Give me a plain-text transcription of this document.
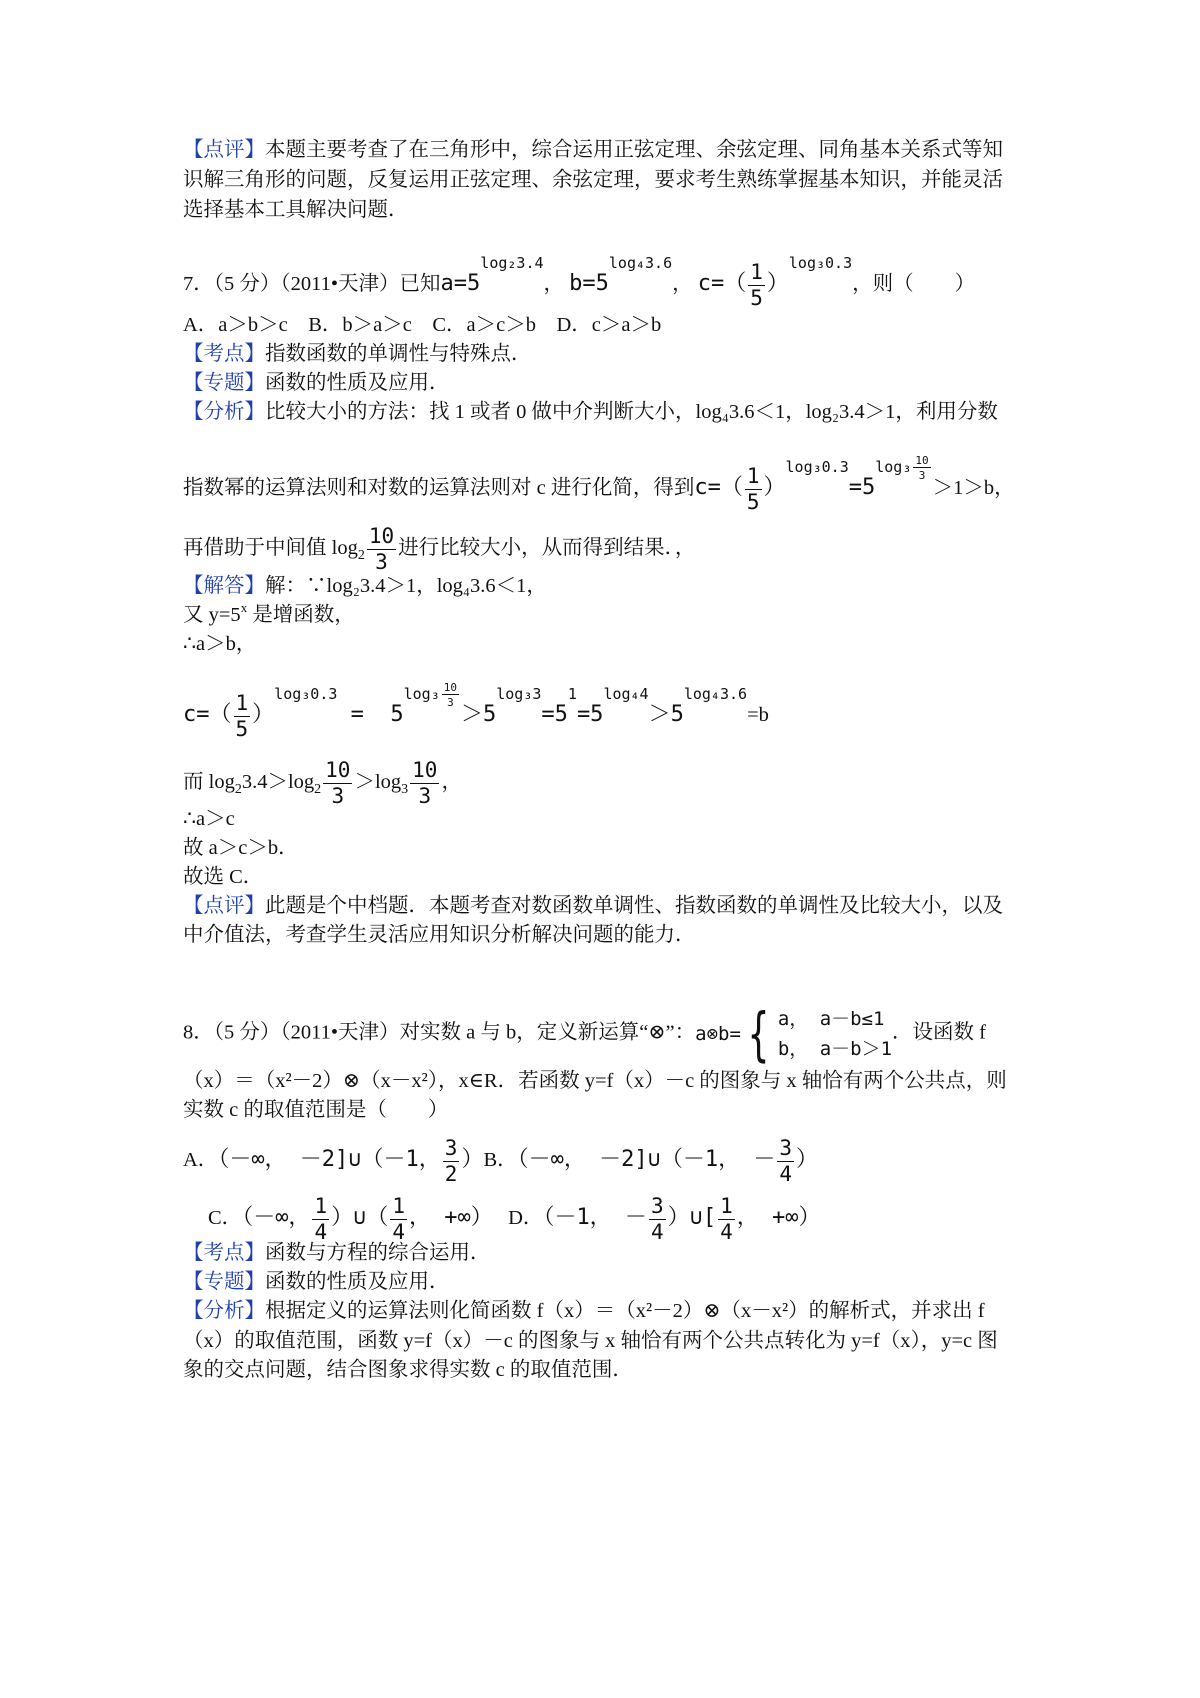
【点评】本题主要考查了在三角形中，综合运用正弦定理、余弦定理、同角基本关系式等知
识解三角形的问题，反复运用正弦定理、余弦定理，要求考生熟练掌握基本知识，并能灵活
选择基本工具解决问题．
7．（5 分）（2011•天津）已知$a=5^{log_23.4}$， $b=5^{log_43.6}$， $c=( \frac{1}{5} )^{log_30.3}$，则（　　）
A．a＞b＞c　B．b＞a＞c　C．a＞c＞b　D．c＞a＞b
【考点】指数函数的单调性与特殊点．
【专题】函数的性质及应用．
【分析】比较大小的方法：找 1 或者 0 做中介判断大小，log₄3.6＜1，log₂3.4＞1，利用分数
指数幂的运算法则和对数的运算法则对 c 进行化简，得到$c=( \frac{1}{5} )^{log_30.3}=5^{log_3 \frac{10}{3}}$
＞1＞b，
再借助于中间值 $\log_2 \frac{10}{3}$ 进行比较大小，从而得到结果．，
【解答】解：∵log₂3.4＞1，log₄3.6＜1，
又 $y=5^x$ 是增函数，
∴a＞b，
$c=( \frac{1}{5} )^{log_30.3} = 5^{log_3 \frac{10}{3}}$
$>5^{log_33}=5^1=5^{log_44}>5^{log_43.6}=b$
而 $\log_23.4>\log_2 \frac{10}{3} >\log_3 \frac{10}{3}$ ，
∴a＞c
故 a＞c＞b．
故选 C．
【点评】此题是个中档题．本题考查对数函数单调性、指数函数的单调性及比较大小，以及
中介值法，考查学生灵活应用知识分析解决问题的能力．
8．（5 分）（2011•天津）对实数 a 与 b，定义新运算“⊗”： a⊗b= { a， a－b≤1
b， a－b＞1
．设函数 f
（x）＝（x²－2）⊗（x－x²），x∈R．若函数 y=f（x）－c 的图象与 x 轴恰有两个公共点，则
实数 c 的取值范围是（　　）
A．（－∞， －2]∪（－1， $\frac{3}{2} )B$．（－∞， －2]∪（－1， － $\frac{3}{4}$ ）
C．（－∞， $\frac{1}{4}$ ）∪（ $\frac{1}{4}$ ， +∞） D．（－1， － $\frac{3}{4}$ ）∪[ $\frac{1}{4}$ ， +∞）
【考点】函数与方程的综合运用．
【专题】函数的性质及应用．
【分析】根据定义的运算法则化简函数 f（x）＝（x²－2）⊗（x－x²）的解析式，并求出 f
（x）的取值范围，函数 y=f（x）－c 的图象与 x 轴恰有两个公共点转化为 y=f（x），y=c 图
象的交点问题，结合图象求得实数 c 的取值范围．
